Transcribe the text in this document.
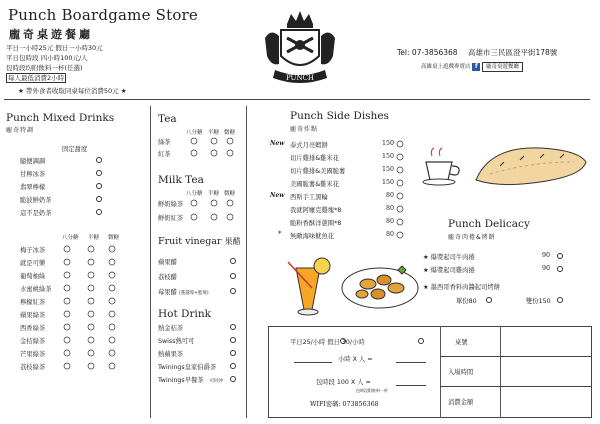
Punch Boardgame Store
龐奇桌遊餐廳
平日一小時25元 假日一小時30元
平日包時段 四小時100元/人
包時段均附飲料一杯(任選)
每人最低消費2小時
★ 帶外食者收取同桌每位消費50元 ★
PUNCH
Tel: 07-3856368 高雄市三民區澄平街178號
高雄桌上遊戲專賣店 f 龐奇桌遊餐廳
Punch Mixed Drinks
龐奇特調
固定甜度
隨便調調
甘檸冰茶
翡翠檸檬
脆波鮮奶茶
這不是奶茶
八分糖 半糖 微糖
梅子冰茶
就是可樂
葡萄柚綠
水蜜桃綠茶
檸檬紅茶
蘋果綠茶
西香綠茶
金桔綠茶
芒果綠茶
荔枝綠茶
Tea
八分糖 半糖 微糖
綠茶
紅茶
Milk Tea
八分糖 半糖 微糖
鮮奶綠茶
鮮奶紅茶
Fruit vinegar 果醋
蘋果醋
荔枝醋
莓果醋 (蔓越莓+藍莓)
Hot Drink
熱金桔茶
Swiss熱可可
熱蘋果茶
Twinings皇家伯爵茶
Twinings早餐茶 可回沖
Punch Side Dishes
龐奇炸點
New
New
*
泰式月亮蝦餅
切片雞排&雞米花
切片雞排&美國脆薯
美國脆薯&雞米花
西斯手工黑輪
我就阿嬤克雞塊*8
脆粉香酥洋蔥圈*8
無敵海味魷魚花
150
150
150
150
80
80
80
80
Punch Delicacy
龐奇肉捲&烤餅
★ 爆漿起司牛肉捲
★ 爆漿起司雞肉捲
★ 墨西哥香料肉醬起司烤餅
90
90
單份80	雙份150
平日25/小時 假日 30/小時
小時 X 人 =
包時段 100 X 人 =
包時段附飲料一杯
WIFI密碼: 073856368
桌號
入場時間
消費金額
